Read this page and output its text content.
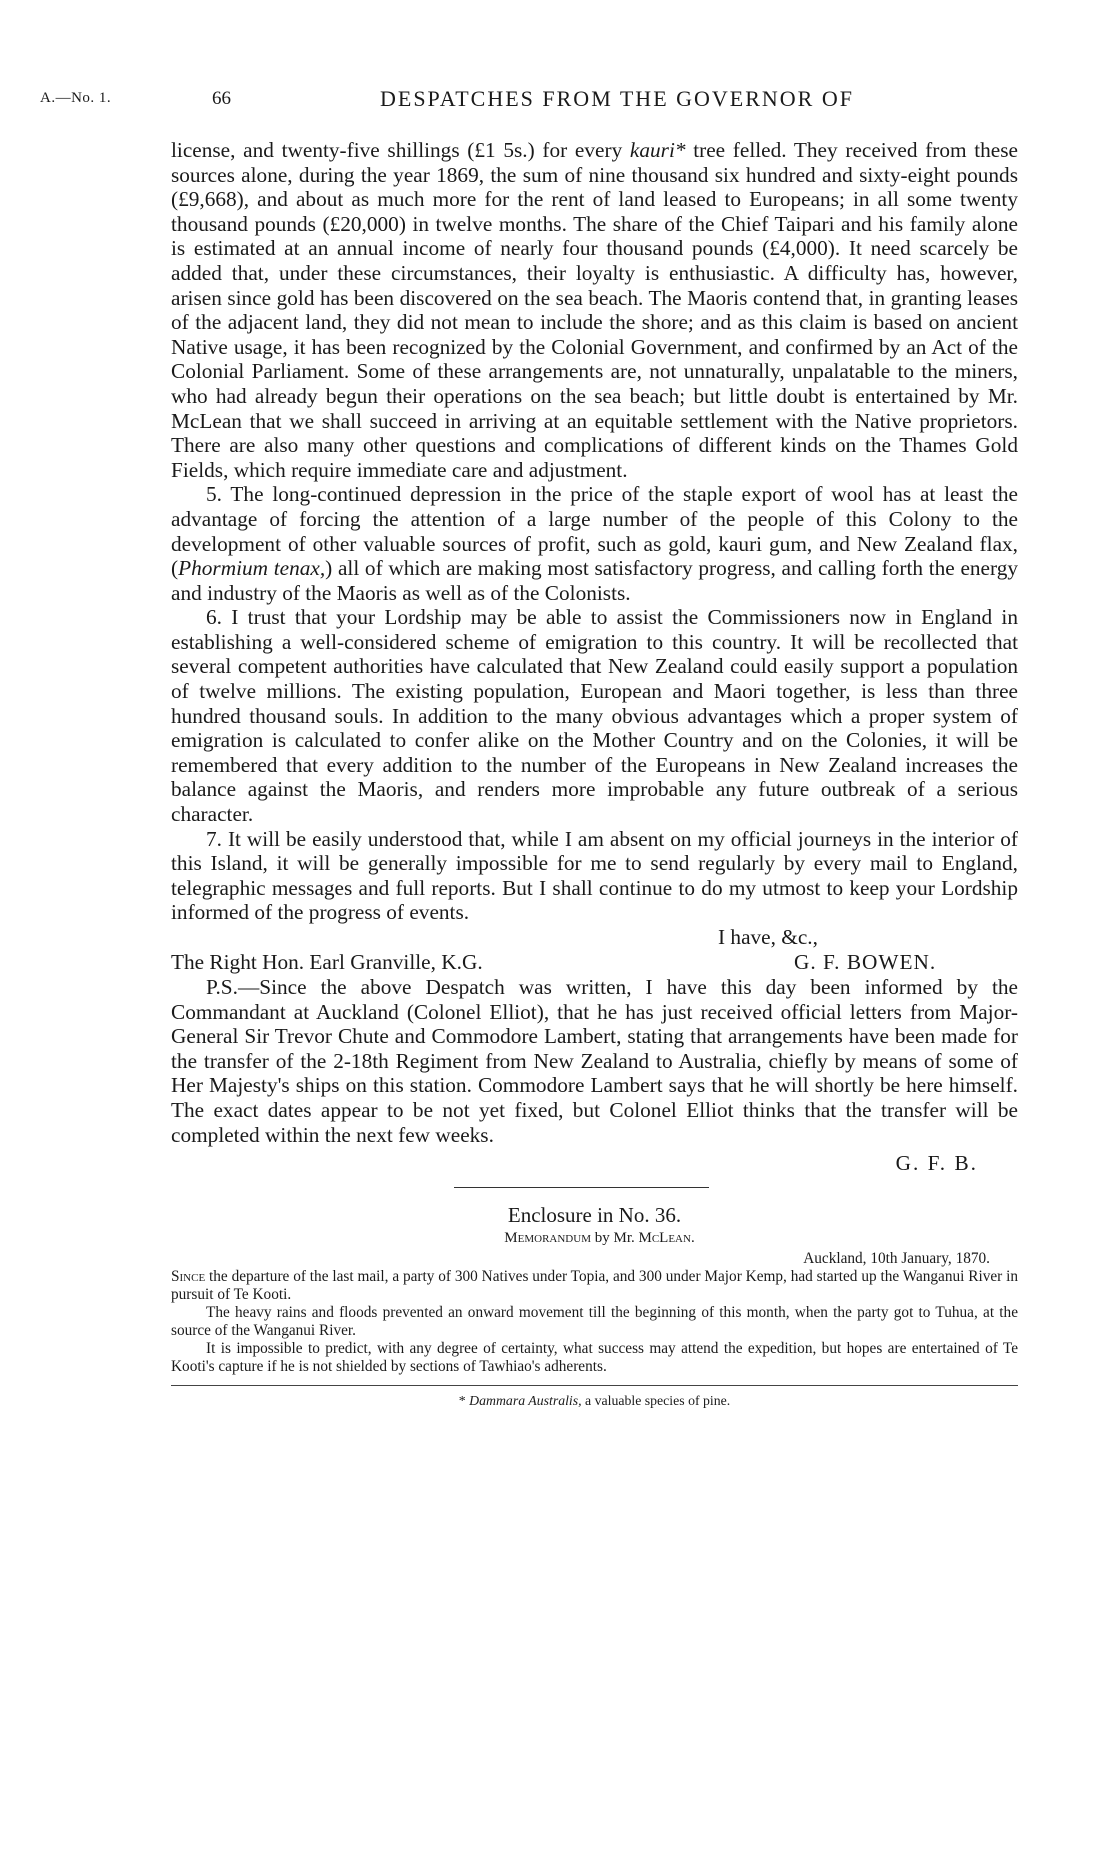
A.—No. 1.	66	DESPATCHES FROM THE GOVERNOR OF

license, and twenty-five shillings (£1 5s.) for every kauri* tree felled. They received from these sources alone, during the year 1869, the sum of nine thousand six hundred and sixty-eight pounds (£9,668), and about as much more for the rent of land leased to Europeans; in all some twenty thousand pounds (£20,000) in twelve months. The share of the Chief Taipari and his family alone is estimated at an annual income of nearly four thousand pounds (£4,000). It need scarcely be added that, under these circumstances, their loyalty is enthusiastic. A difficulty has, however, arisen since gold has been discovered on the sea beach. The Maoris contend that, in granting leases of the adjacent land, they did not mean to include the shore; and as this claim is based on ancient Native usage, it has been recognized by the Colonial Government, and confirmed by an Act of the Colonial Parliament. Some of these arrangements are, not unnaturally, unpalatable to the miners, who had already begun their operations on the sea beach; but little doubt is entertained by Mr. McLean that we shall succeed in arriving at an equitable settlement with the Native proprietors. There are also many other questions and complications of different kinds on the Thames Gold Fields, which require immediate care and adjustment.

5. The long-continued depression in the price of the staple export of wool has at least the advantage of forcing the attention of a large number of the people of this Colony to the development of other valuable sources of profit, such as gold, kauri gum, and New Zealand flax, (Phormium tenax,) all of which are making most satisfactory progress, and calling forth the energy and industry of the Maoris as well as of the Colonists.

6. I trust that your Lordship may be able to assist the Commissioners now in England in establishing a well-considered scheme of emigration to this country. It will be recollected that several competent authorities have calculated that New Zealand could easily support a population of twelve millions. The existing population, European and Maori together, is less than three hundred thousand souls. In addition to the many obvious advantages which a proper system of emigration is calculated to confer alike on the Mother Country and on the Colonies, it will be remembered that every addition to the number of the Europeans in New Zealand increases the balance against the Maoris, and renders more improbable any future outbreak of a serious character.

7. It will be easily understood that, while I am absent on my official journeys in the interior of this Island, it will be generally impossible for me to send regularly by every mail to England, telegraphic messages and full reports. But I shall continue to do my utmost to keep your Lordship informed of the progress of events.

I have, &c.,
The Right Hon. Earl Granville, K.G.	G. F. BOWEN.

P.S.—Since the above Despatch was written, I have this day been informed by the Commandant at Auckland (Colonel Elliot), that he has just received official letters from Major-General Sir Trevor Chute and Commodore Lambert, stating that arrangements have been made for the transfer of the 2-18th Regiment from New Zealand to Australia, chiefly by means of some of Her Majesty's ships on this station. Commodore Lambert says that he will shortly be here himself. The exact dates appear to be not yet fixed, but Colonel Elliot thinks that the transfer will be completed within the next few weeks.

G. F. B.
Enclosure in No. 36.
Memorandum by Mr. McLean.
Auckland, 10th January, 1870.

Since the departure of the last mail, a party of 300 Natives under Topia, and 300 under Major Kemp, had started up the Wanganui River in pursuit of Te Kooti.

The heavy rains and floods prevented an onward movement till the beginning of this month, when the party got to Tuhua, at the source of the Wanganui River.

It is impossible to predict, with any degree of certainty, what success may attend the expedition, but hopes are entertained of Te Kooti's capture if he is not shielded by sections of Tawhiao's adherents.

* Dammara Australis, a valuable species of pine.
